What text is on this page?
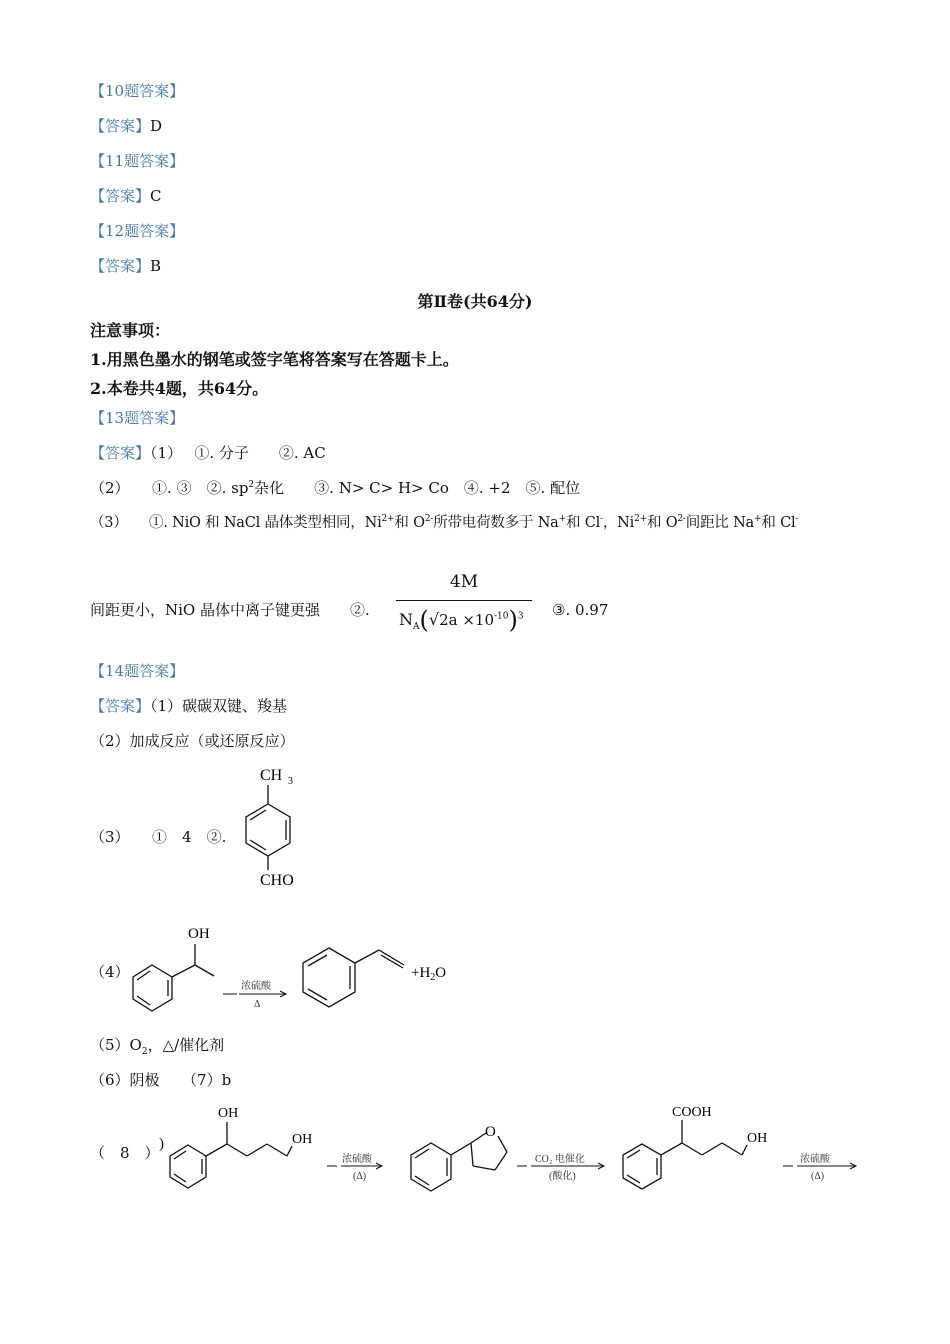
【10题答案】
【答案】D
【11题答案】
【答案】C
【12题答案】
【答案】B
第Ⅱ卷(共64分)
注意事项：
1.用黑色墨水的钢笔或签字笔将答案写在答题卡上。
2.本卷共4题，共64分。
【13题答案】
【答案】（1）　 ①. 分子　　②. AC
（2）　　①. ③　②. $sp^2$杂化　　③. N> C> H> Co　④. +2　⑤. 配位
（3）　　①. NiO 和 NaCl 晶体类型相同，$Ni^{2+}$和 $O^{2-}$所带电荷数多于 Na+和 Cl-，$Ni^{2+}$和 $O^{2-}$间距比 Na+和 Cl-
间距更小，NiO 晶体中离子键更强　　②.
4M
$N_A(√2a \times 10^{-10})^3$ ③. 0.97
【14题答案】
【答案】（1）碳碳双键、羧基
（2）加成反应（或还原反应）
（3）　　①　4　②.
CH 3
CHO
（4）
OH
浓硫酸
Δ
$+H_2O$
$(5)O_2$，△/催化剂
（6）阴极　　（7）b
（　8　） )
OH
OH
浓硫酸
(Δ)
O
CO₂ 电催化
(酸化)
COOH
OH
浓硫酸
(Δ)
